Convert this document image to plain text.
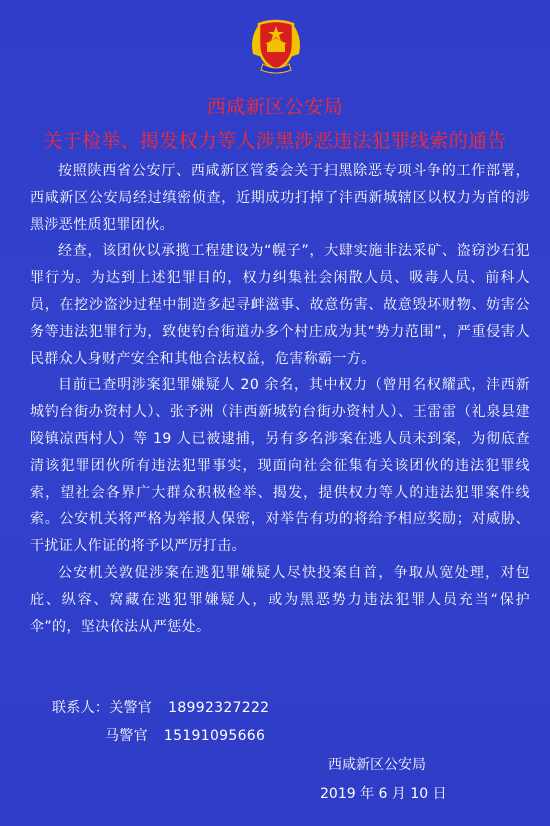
西咸新区公安局
关于检举、揭发权力等人涉黑涉恶违法犯罪线索的通告

按照陕西省公安厅、西咸新区管委会关于扫黑除恶专项斗争的工作部署，西咸新区公安局经过缜密侦查，近期成功打掉了沣西新城辖区以权力为首的涉黑涉恶性质犯罪团伙。

经查，该团伙以承揽工程建设为“幌子”，大肆实施非法采矿、盗窃沙石犯罪行为。为达到上述犯罪目的，权力纠集社会闲散人员、吸毒人员、前科人员，在挖沙盗沙过程中制造多起寻衅滋事、故意伤害、故意毁坏财物、妨害公务等违法犯罪行为，致使钓台街道办多个村庄成为其“势力范围”，严重侵害人民群众人身财产安全和其他合法权益，危害称霸一方。

目前已查明涉案犯罪嫌疑人 20 余名，其中权力（曾用名权耀武，沣西新城钓台街办资村人）、张予洲（沣西新城钓台街办资村人）、王雷雷（礼泉县建陵镇凉西村人）等 19 人已被逮捕，另有多名涉案在逃人员未到案，为彻底查清该犯罪团伙所有违法犯罪事实，现面向社会征集有关该团伙的违法犯罪线索，望社会各界广大群众积极检举、揭发，提供权力等人的违法犯罪案件线索。公安机关将严格为举报人保密，对举告有功的将给予相应奖励；对威胁、干扰证人作证的将予以严厉打击。

公安机关敦促涉案在逃犯罪嫌疑人尽快投案自首，争取从宽处理，对包庇、纵容、窝藏在逃犯罪嫌疑人，或为黑恶势力违法犯罪人员充当“保护伞”的，坚决依法从严惩处。

联系人：关警官 18992327222
马警官 15191095666
西咸新区公安局
2019 年 6 月 10 日
